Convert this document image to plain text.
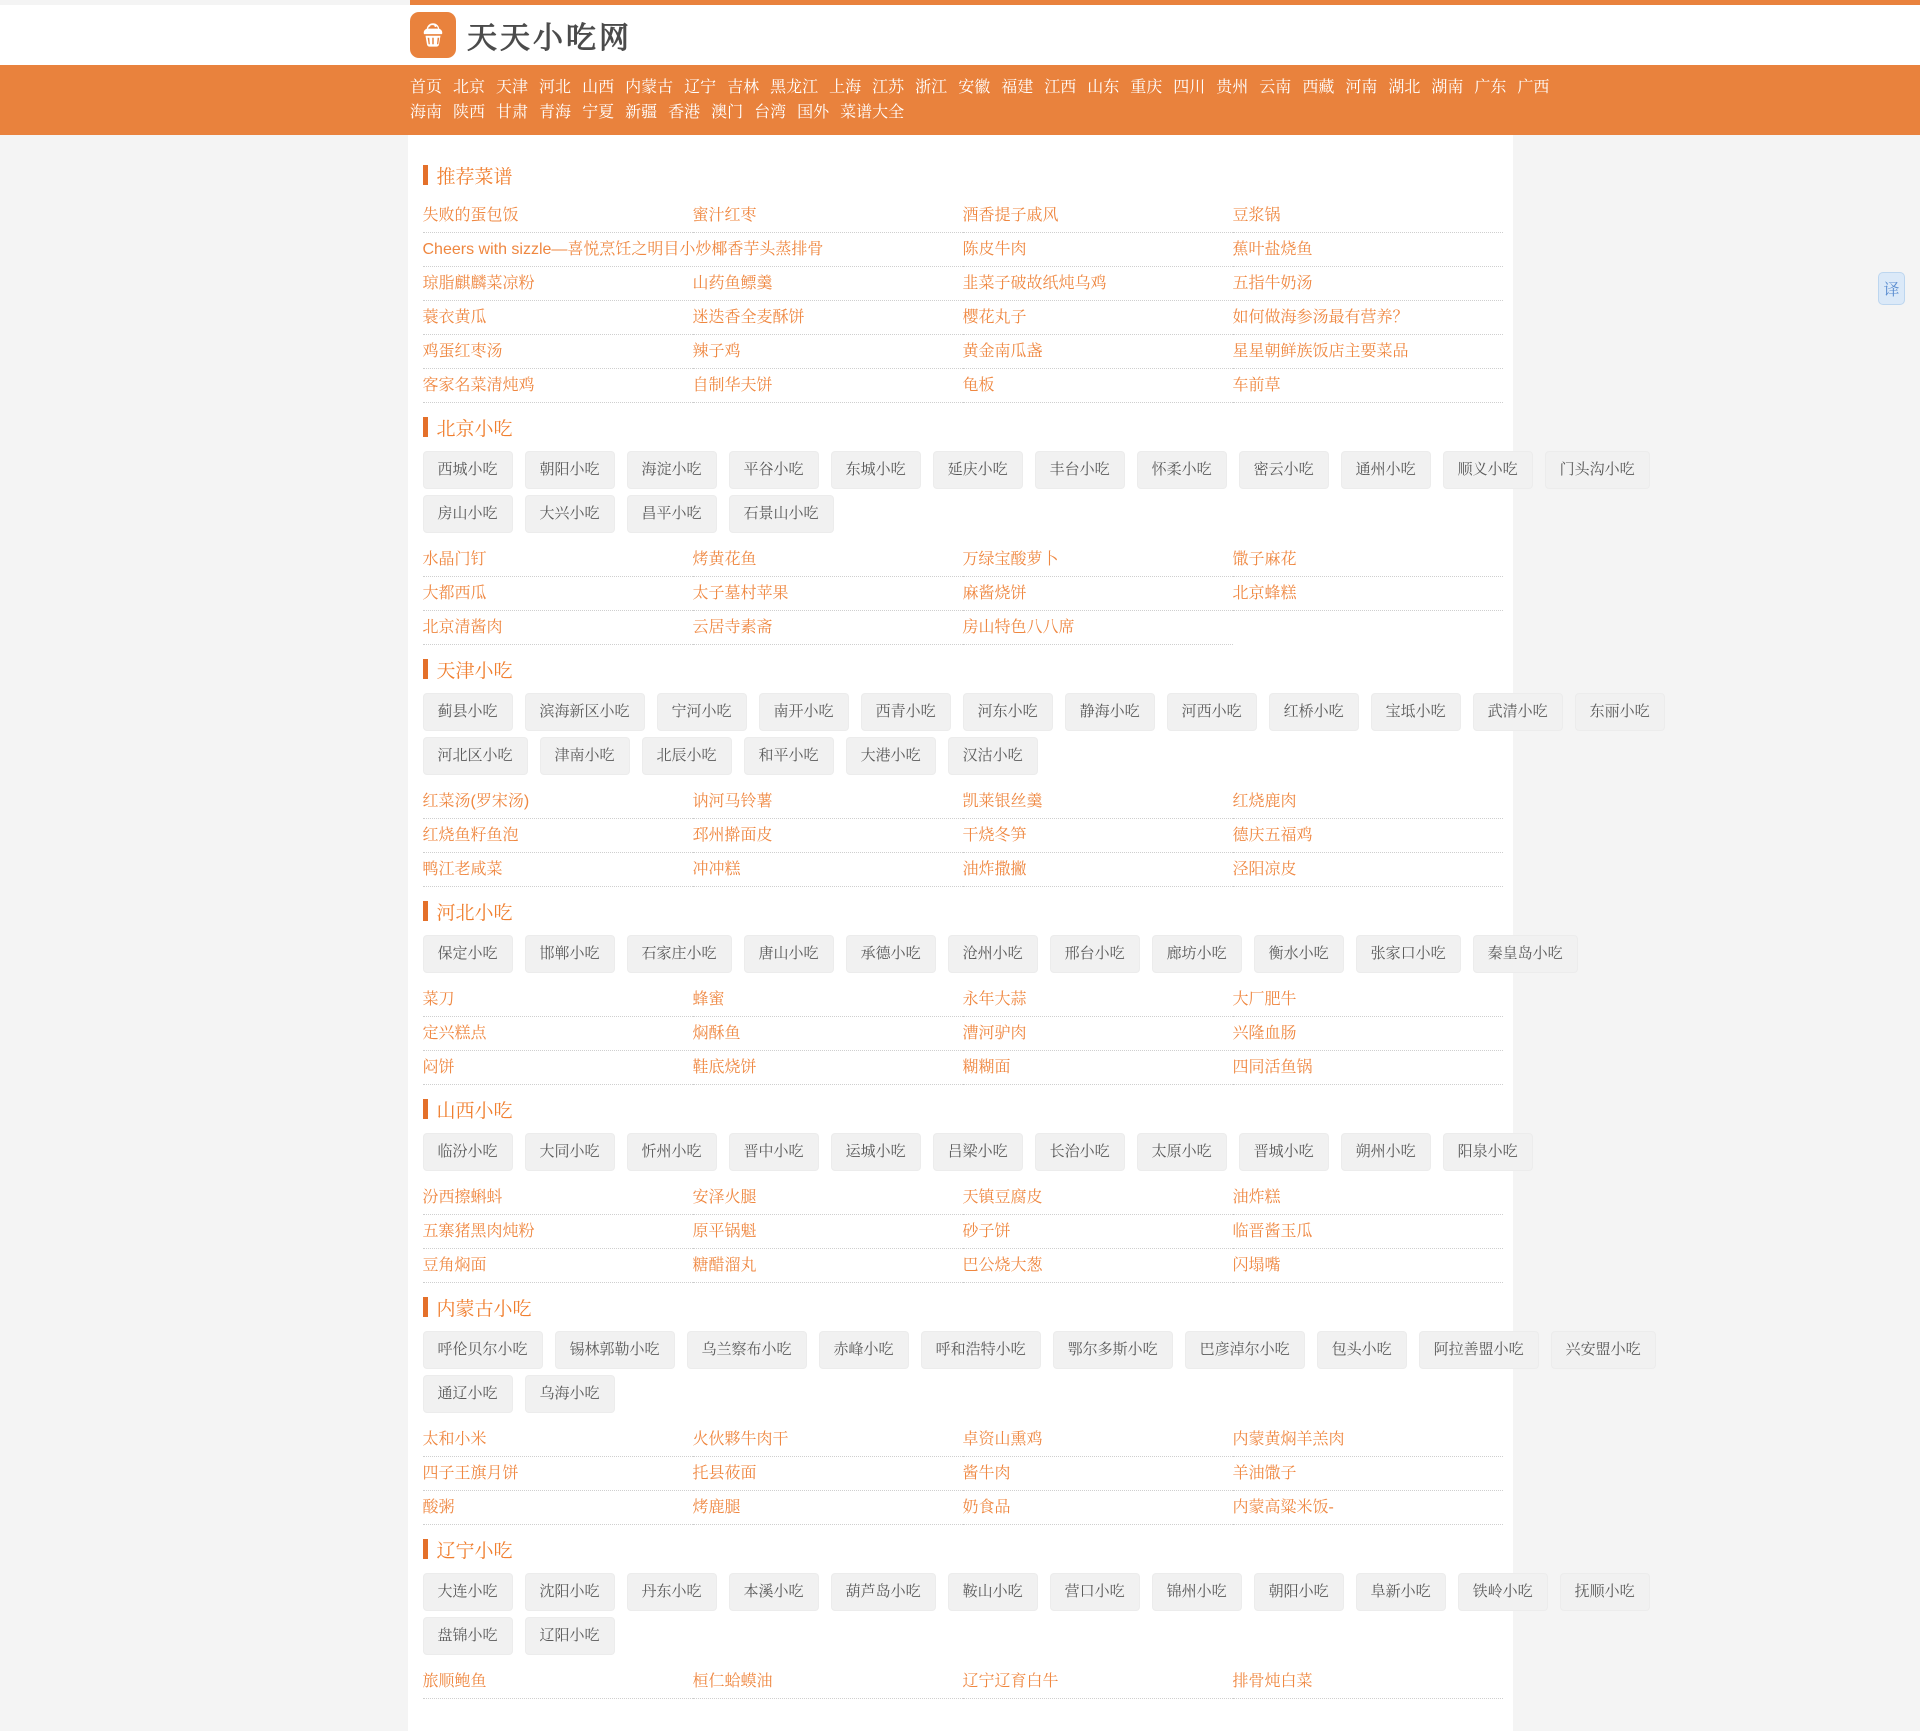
天天小吃网
首页 北京 天津 河北 山西 内蒙古 辽宁 吉林 黑龙江 上海 江苏 浙江 安徽 福建 江西 山东 重庆 四川 贵州 云南 西藏 河南 湖北 湖南 广东 广西
海南 陕西 甘肃 青海 宁夏 新疆 香港 澳门 台湾 国外 菜谱大全
推荐菜谱
失败的蛋包饭	蜜汁红枣	酒香提子戚风	豆浆锅
Cheers with sizzle—喜悦烹饪之明目小炒椰香芋头蒸排骨	陈皮牛肉	蕉叶盐烧鱼
琼脂麒麟菜凉粉	山药鱼鳔羹	韭菜子破故纸炖乌鸡	五指牛奶汤
蓑衣黄瓜	迷迭香全麦酥饼	樱花丸子	如何做海参汤最有营养？
鸡蛋红枣汤	辣子鸡	黄金南瓜盏	星星朝鲜族饭店主要菜品
客家名菜清炖鸡	自制华夫饼	龟板	车前草
北京小吃
西城小吃	朝阳小吃	海淀小吃	平谷小吃	东城小吃	延庆小吃	丰台小吃	怀柔小吃	密云小吃	通州小吃	顺义小吃	门头沟小吃
房山小吃	大兴小吃	昌平小吃	石景山小吃
水晶门钉	烤黄花鱼	万绿宝酸萝卜	馓子麻花
大都西瓜	太子墓村苹果	麻酱烧饼	北京蜂糕
北京清酱肉	云居寺素斋	房山特色八八席
天津小吃
蓟县小吃	滨海新区小吃	宁河小吃	南开小吃	西青小吃	河东小吃	静海小吃	河西小吃	红桥小吃	宝坻小吃	武清小吃	东丽小吃
河北区小吃	津南小吃	北辰小吃	和平小吃	大港小吃	汉沽小吃
红菜汤(罗宋汤)	讷河马铃薯	凯莱银丝羹	红烧鹿肉
红烧鱼籽鱼泡	邳州擀面皮	干烧冬笋	德庆五福鸡
鸭江老咸菜	冲冲糕	油炸撒撇	泾阳凉皮
河北小吃
保定小吃	邯郸小吃	石家庄小吃	唐山小吃	承德小吃	沧州小吃	邢台小吃	廊坊小吃	衡水小吃	张家口小吃	秦皇岛小吃
菜刀	蜂蜜	永年大蒜	大厂肥牛
定兴糕点	焖酥鱼	漕河驴肉	兴隆血肠
闷饼	鞋底烧饼	糊糊面	四同活鱼锅
山西小吃
临汾小吃	大同小吃	忻州小吃	晋中小吃	运城小吃	吕梁小吃	长治小吃	太原小吃	晋城小吃	朔州小吃	阳泉小吃
汾西擦蝌蚪	安泽火腿	天镇豆腐皮	油炸糕
五寨猪黑肉炖粉	原平锅魁	砂子饼	临晋酱玉瓜
豆角焖面	糖醋溜丸	巴公烧大葱	闪塌嘴
内蒙古小吃
呼伦贝尔小吃	锡林郭勒小吃	乌兰察布小吃	赤峰小吃	呼和浩特小吃	鄂尔多斯小吃	巴彦淖尔小吃	包头小吃	阿拉善盟小吃	兴安盟小吃
通辽小吃	乌海小吃
太和小米	火伙夥牛肉干	卓资山熏鸡	内蒙黄焖羊羔肉
四子王旗月饼	托县莜面	酱牛肉	羊油馓子
酸粥	烤鹿腿	奶食品	内蒙高粱米饭-
辽宁小吃
大连小吃	沈阳小吃	丹东小吃	本溪小吃	葫芦岛小吃	鞍山小吃	营口小吃	锦州小吃	朝阳小吃	阜新小吃	铁岭小吃	抚顺小吃
盘锦小吃	辽阳小吃
旅顺鲍鱼	桓仁蛤蟆油	辽宁辽育白牛	排骨炖白菜
译
